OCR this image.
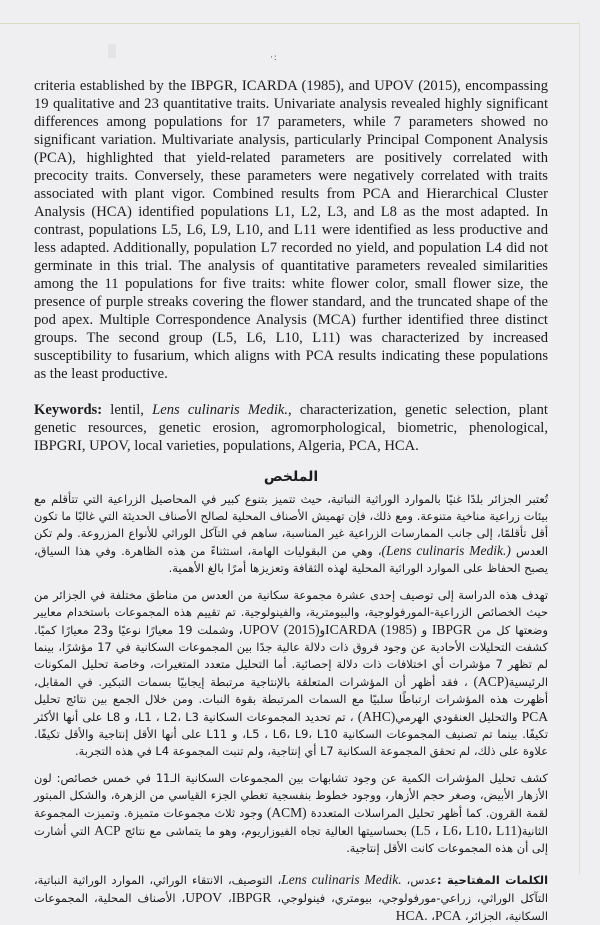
·:

criteria established by the IBPGR, ICARDA (1985), and UPOV (2015), encompassing 19 qualitative and 23 quantitative traits. Univariate analysis revealed highly significant differences among populations for 17 parameters, while 7 parameters showed no significant variation. Multivariate analysis, particularly Principal Component Analysis (PCA), highlighted that yield-related parameters are positively correlated with precocity traits. Conversely, these parameters were negatively correlated with traits associated with plant vigor. Combined results from PCA and Hierarchical Cluster Analysis (HCA) identified populations L1, L2, L3, and L8 as the most adapted. In contrast, populations L5, L6, L9, L10, and L11 were identified as less productive and less adapted. Additionally, population L7 recorded no yield, and population L4 did not germinate in this trial. The analysis of quantitative parameters revealed similarities among the 11 populations for five traits: white flower color, small flower size, the presence of purple streaks covering the flower standard, and the truncated shape of the pod apex. Multiple Correspondence Analysis (MCA) further identified three distinct groups. The second group (L5, L6, L10, L11) was characterized by increased susceptibility to fusarium, which aligns with PCA results indicating these populations as the least productive.

Keywords: lentil, Lens culinaris Medik., characterization, genetic selection, plant genetic resources, genetic erosion, agromorphological, biometric, phenological, IBPGRI, UPOV, local varieties, populations, Algeria, PCA, HCA.

الملخص

تُعتبر الجزائر بلدًا غنيًا بالموارد الوراثية النباتية، حيث تتميز بتنوع كبير في المحاصيل الزراعية التي تتأقلم مع بيئات زراعية مناخية متنوعة. ومع ذلك، فإن تهميش الأصناف المحلية لصالح الأصناف الحديثة التي غالبًا ما تكون أقل تأقلمًا، إلى جانب الممارسات الزراعية غير المناسبة، ساهم في التآكل الوراثي للأنواع المزروعة. ولم تكن العدس (Lens culinaris Medik.)، وهي من البقوليات الهامة، استثناءً من هذه الظاهرة. وفي هذا السياق، يصبح الحفاظ على الموارد الوراثية المحلية لهذه الثقافة وتعزيزها أمرًا بالغ الأهمية.

تهدف هذه الدراسة إلى توصيف إحدى عشرة مجموعة سكانية من العدس من مناطق مختلفة في الجزائر من حيث الخصائص الزراعية-المورفولوجية، والبيومترية، والفينولوجية. تم تقييم هذه المجموعات باستخدام معايير وضعتها كل من IBPGR و ICARDA (1985)وUPOV (2015)، وشملت 19 معيارًا نوعيًا و23 معيارًا كميًا. كشفت التحليلات الأحادية عن وجود فروق ذات دلالة عالية جدًا بين المجموعات السكانية في 17 مؤشرًا، بينما لم تظهر 7 مؤشرات أي اختلافات ذات دلالة إحصائية. أما التحليل متعدد المتغيرات، وخاصة تحليل المكونات الرئيسية(ACP) ، فقد أظهر أن المؤشرات المتعلقة بالإنتاجية مرتبطة إيجابيًا بسمات التبكير. في المقابل، أظهرت هذه المؤشرات ارتباطًا سلبيًا مع السمات المرتبطة بقوة النبات. ومن خلال الجمع بين نتائج تحليل PCA والتحليل العنقودي الهرمي(AHC) ، تم تحديد المجموعات السكانية L1 ، L2، L3، و L8 على أنها الأكثر تكيفًا. بينما تم تصنيف المجموعات السكانية L5 ، L6، L9، L10، و L11 على أنها الأقل إنتاجية والأقل تكيفًا. علاوة على ذلك، لم تحقق المجموعة السكانية L7 أي إنتاجية، ولم تنبت المجموعة L4 في هذه التجربة.

كشف تحليل المؤشرات الكمية عن وجود تشابهات بين المجموعات السكانية الـ11 في خمس خصائص: لون الأزهار الأبيض، وصغر حجم الأزهار، ووجود خطوط بنفسجية تغطي الجزء القياسي من الزهرة، والشكل المبتور لقمة القرون. كما أظهر تحليل المراسلات المتعددة (ACM) وجود ثلاث مجموعات متميزة. وتميزت المجموعة الثانية(L5 ، L6، L10، L11) بحساسيتها العالية تجاه الفيوزاريوم، وهو ما يتماشى مع نتائج ACP التي أشارت إلى أن هذه المجموعات كانت الأقل إنتاجية.

الكلمات المفتاحية :عدس، Lens culinaris Medik.، التوصيف، الانتقاء الوراثي، الموارد الوراثية النباتية، التآكل الوراثي، زراعي-مورفولوجي، بيومتري، فينولوجي، IBPGR، UPOV، الأصناف المحلية، المجموعات السكانية، الجزائر، PCA، HCA.
